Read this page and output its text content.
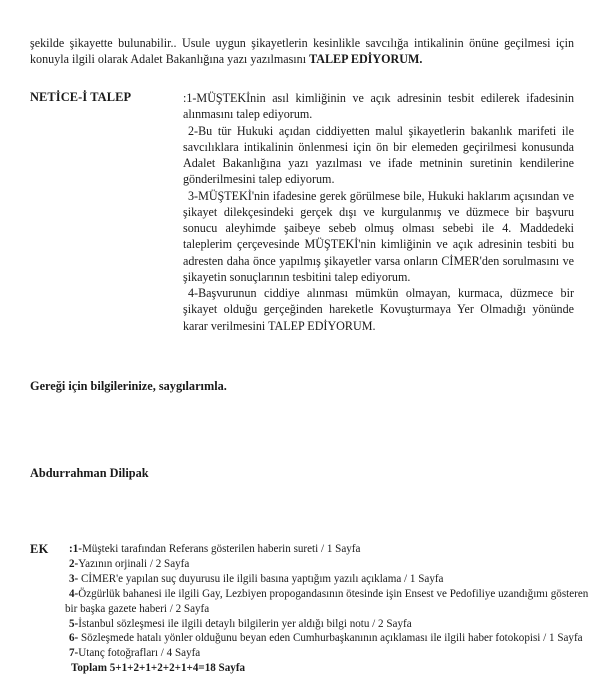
şekilde şikayette bulunabilir.. Usule uygun şikayetlerin kesinlikle savcılığa intikalinin önüne geçilmesi için konuyla ilgili olarak Adalet Bakanlığına yazı yazılmasını TALEP EDİYORUM.
NETİCE-İ TALEP	:1-MÜŞTEKİnin asıl kimliğinin ve açık adresinin tesbit edilerek ifadesinin alınmasını talep ediyorum.

2-Bu tür Hukuki açıdan ciddiyetten malul şikayetlerin bakanlık marifeti ile savcılıklara intikalinin önlenmesi için ön bir elemeden geçirilmesi konusunda Adalet Bakanlığına yazı yazılması ve ifade metninin suretinin kendilerine gönderilmesini talep ediyorum.

3-MÜŞTEKİ'nin ifadesine gerek görülmese bile, Hukuki haklarım açısından ve şikayet dilekçesindeki gerçek dışı ve kurgulanmış ve düzmece bir başvuru sonucu aleyhimde şaibeye sebeb olmuş olması sebebi ile 4. Maddedeki taleplerim çerçevesinde MÜŞTEKİ'nin kimliğinin ve açık adresinin tesbiti bu adresten daha önce yapılmış şikayetler varsa onların CİMER'den sorulmasını ve şikayetin sonuçlarının tesbitini talep ediyorum.

4-Başvurunun ciddiye alınması mümkün olmayan, kurmaca, düzmece bir şikayet olduğu gerçeğinden hareketle Kovuşturmaya Yer Olmadığı yönünde karar verilmesini TALEP EDİYORUM.

Gereği için bilgilerinize, saygılarımla.
Abdurrahman Dilipak
EK	:1-Müşteki tarafından Referans gösterilen haberin sureti / 1 Sayfa

2-Yazının orjinali / 2 Sayfa

3- CİMER'e yapılan suç duyurusu ile ilgili basına yaptığım yazılı açıklama / 1 Sayfa

4-Özgürlük bahanesi ile ilgili Gay, Lezbiyen propogandasının ötesinde işin Ensest ve Pedofiliye uzandığımı gösteren bir başka gazete haberi / 2 Sayfa

5-İstanbul sözleşmesi ile ilgili detaylı bilgilerin yer aldığı bilgi notu / 2 Sayfa

6- Sözleşmede hatalı yönler olduğunu beyan eden Cumhurbaşkanının açıklaması ile ilgili haber fotokopisi / 1 Sayfa

7-Utanç fotoğrafları / 4 Sayfa

Toplam 5+1+2+1+2+2+1+4=18 Sayfa
